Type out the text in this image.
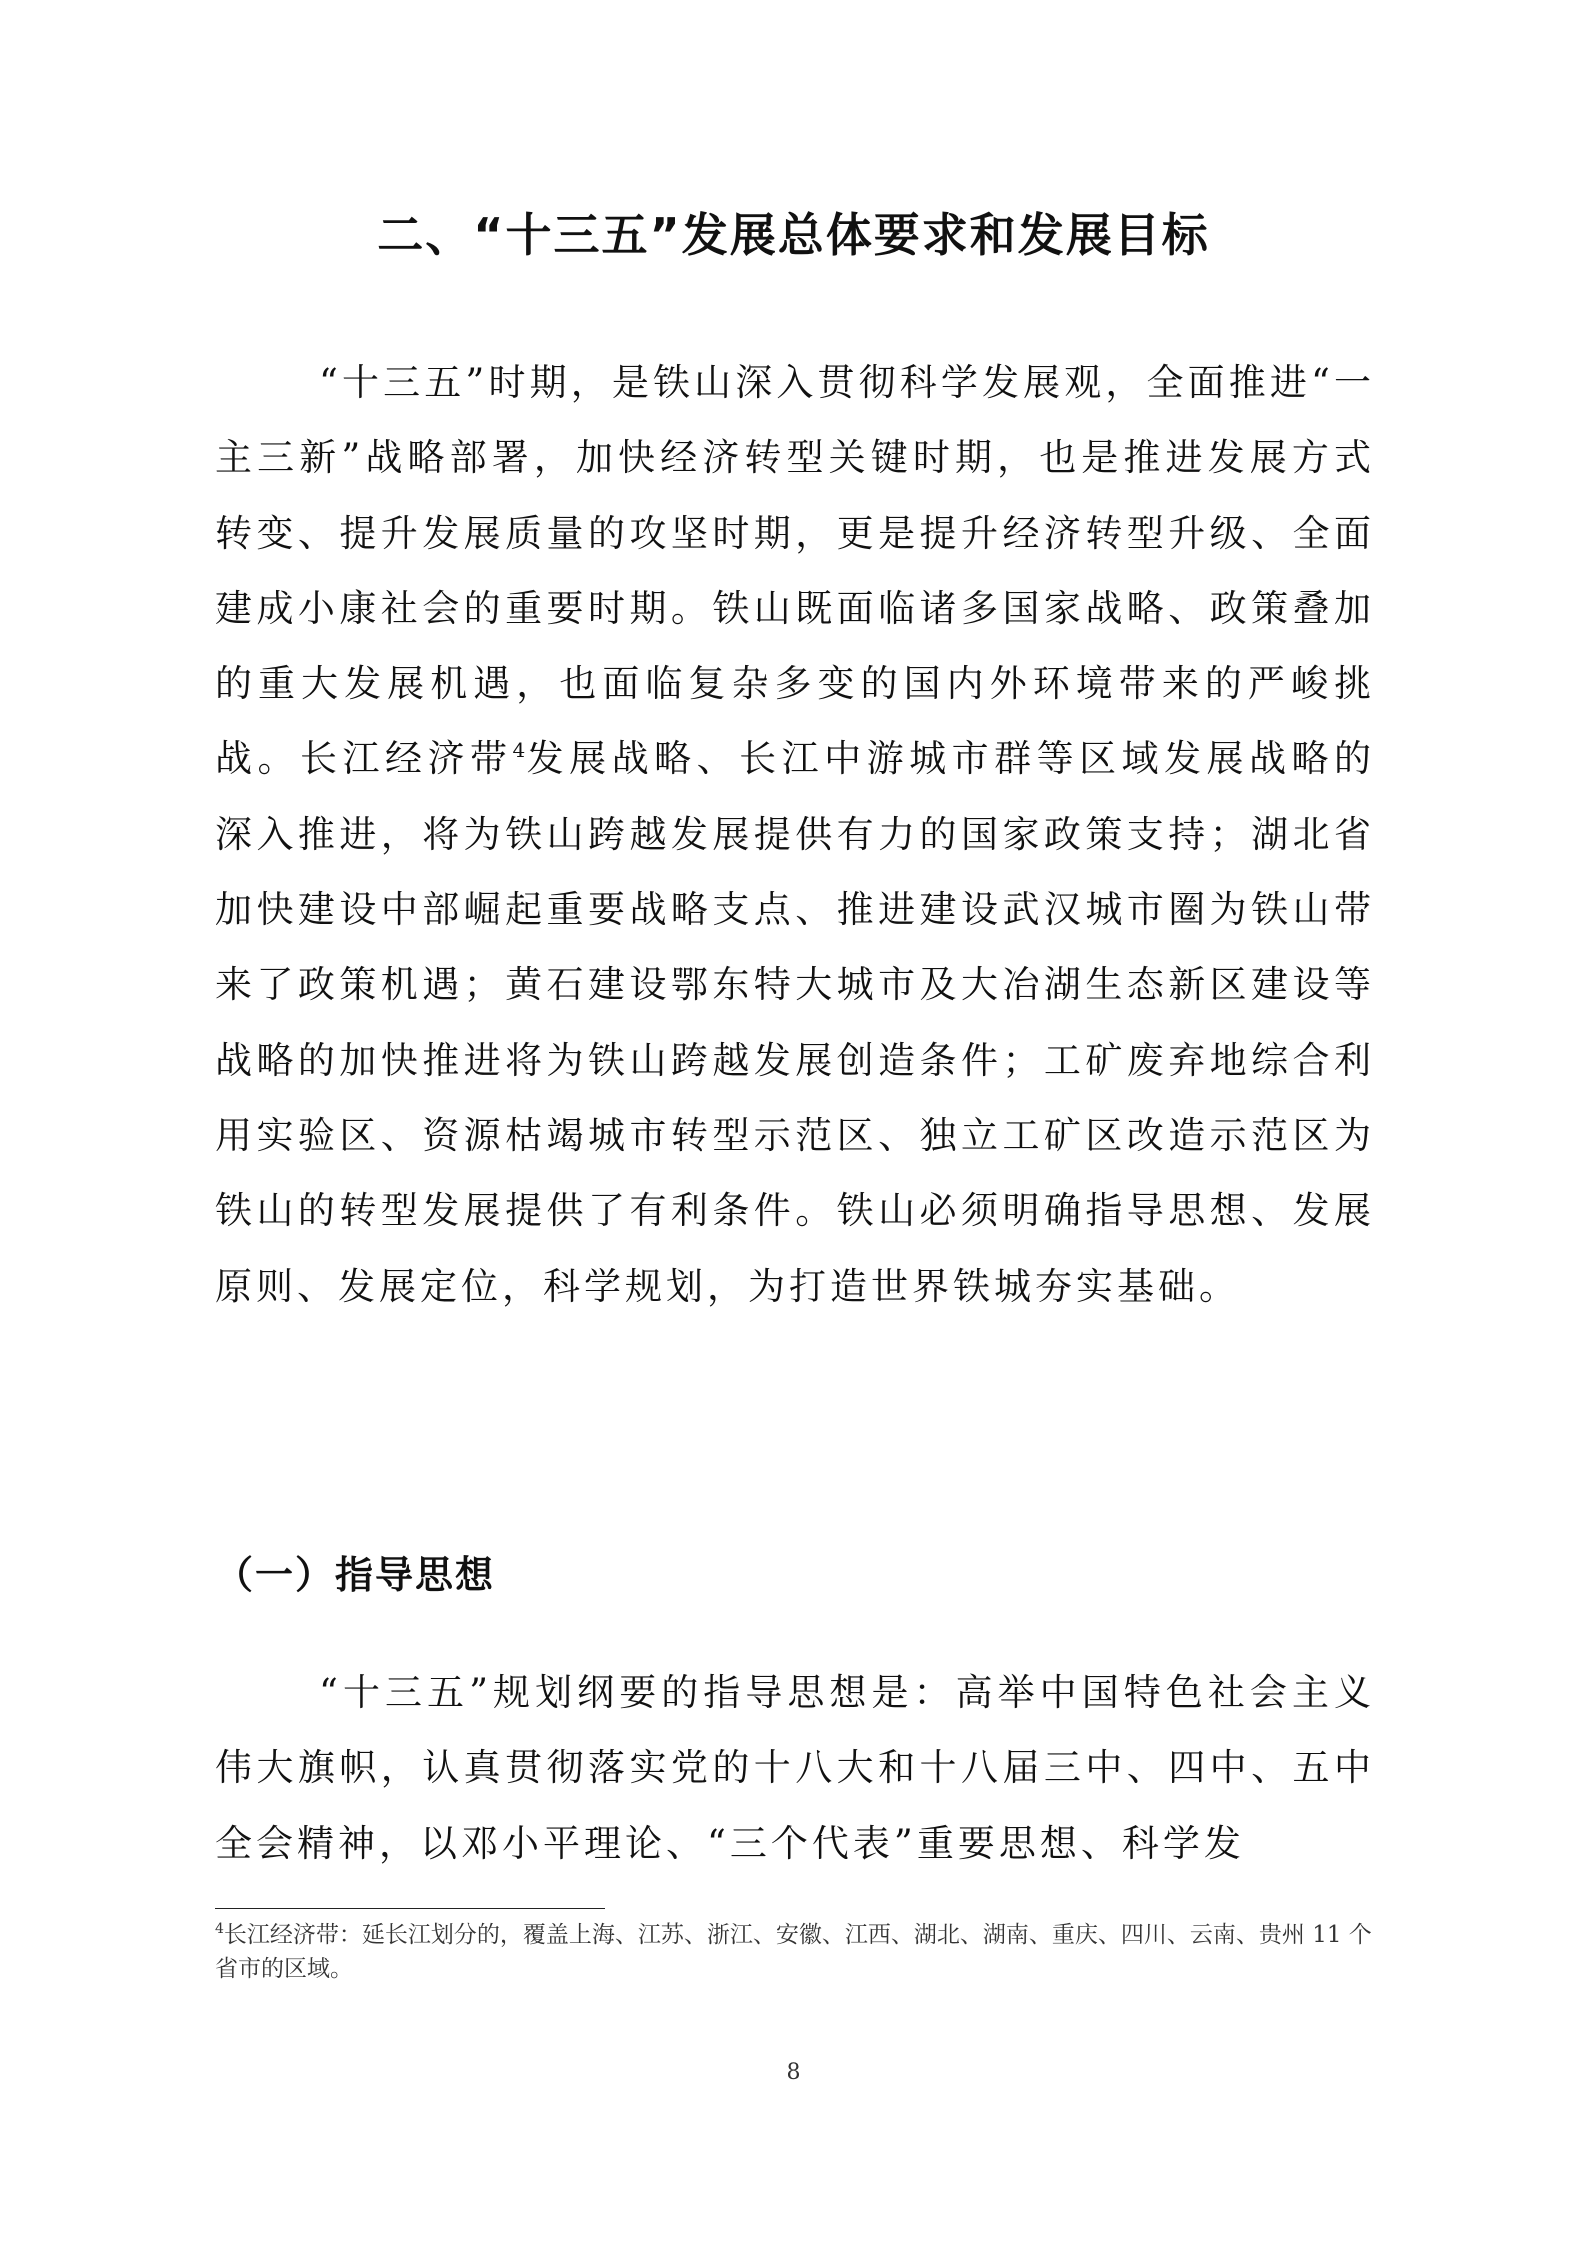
二、“十三五”发展总体要求和发展目标

“十三五”时期，是铁山深入贯彻科学发展观，全面推进“一主三新”战略部署，加快经济转型关键时期，也是推进发展方式转变、提升发展质量的攻坚时期，更是提升经济转型升级、全面建成小康社会的重要时期。铁山既面临诸多国家战略、政策叠加的重大发展机遇，也面临复杂多变的国内外环境带来的严峻挑战。长江经济带$^4$发展战略、长江中游城市群等区域发展战略的深入推进，将为铁山跨越发展提供有力的国家政策支持；湖北省加快建设中部崛起重要战略支点、推进建设武汉城市圈为铁山带来了政策机遇；黄石建设鄂东特大城市及大冶湖生态新区建设等战略的加快推进将为铁山跨越发展创造条件；工矿废弃地综合利用实验区、资源枯竭城市转型示范区、独立工矿区改造示范区为铁山的转型发展提供了有利条件。铁山必须明确指导思想、发展原则、发展定位，科学规划，为打造世界铁城夯实基础。

（一）指导思想

“十三五”规划纲要的指导思想是：高举中国特色社会主义伟大旗帜，认真贯彻落实党的十八大和十八届三中、四中、五中全会精神，以邓小平理论、“三个代表”重要思想、科学发

$^4$长江经济带：延长江划分的，覆盖上海、江苏、浙江、安徽、江西、湖北、湖南、重庆、四川、云南、贵州 11 个省市的区域。
8
